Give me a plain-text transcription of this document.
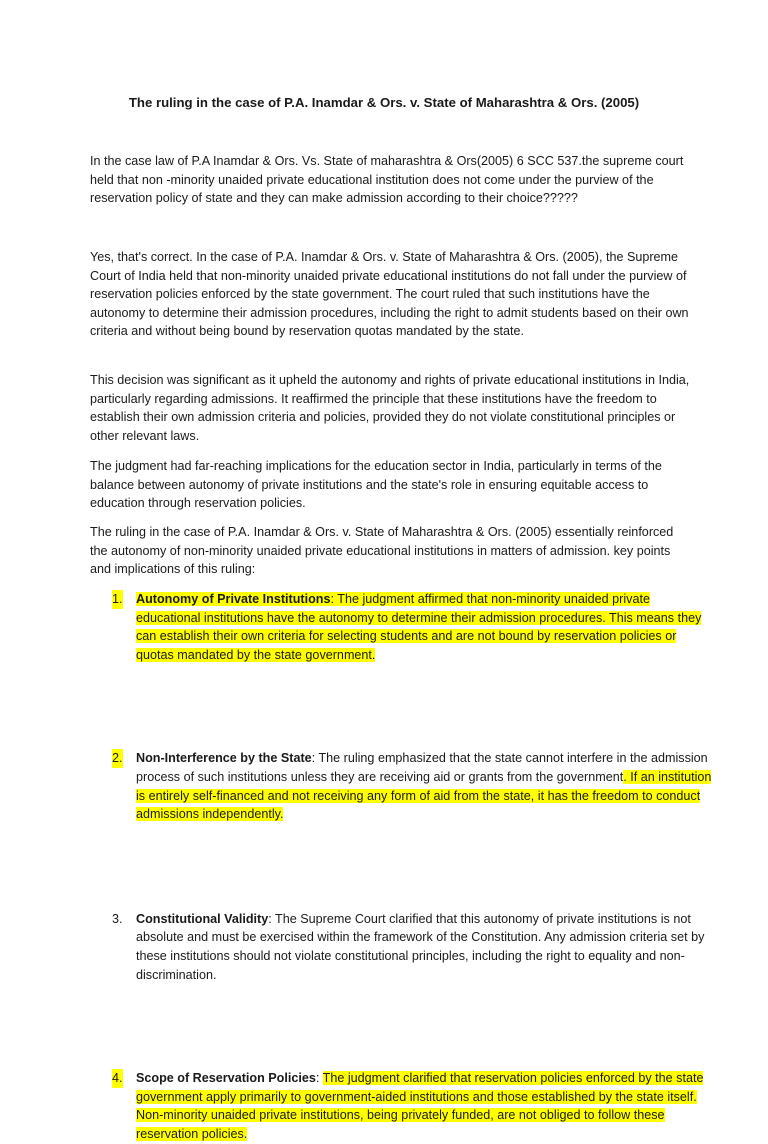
The ruling in the case of P.A. Inamdar & Ors. v. State of Maharashtra & Ors. (2005)

In the case law of P.A Inamdar & Ors. Vs. State of maharashtra & Ors(2005) 6 SCC 537.the supreme court held that non -minority unaided private educational institution does not come under the purview of the reservation policy of state and they can make admission according to their choice?????

Yes, that's correct. In the case of P.A. Inamdar & Ors. v. State of Maharashtra & Ors. (2005), the Supreme Court of India held that non-minority unaided private educational institutions do not fall under the purview of reservation policies enforced by the state government. The court ruled that such institutions have the autonomy to determine their admission procedures, including the right to admit students based on their own criteria and without being bound by reservation quotas mandated by the state.

This decision was significant as it upheld the autonomy and rights of private educational institutions in India, particularly regarding admissions. It reaffirmed the principle that these institutions have the freedom to establish their own admission criteria and policies, provided they do not violate constitutional principles or other relevant laws.

The judgment had far-reaching implications for the education sector in India, particularly in terms of the balance between autonomy of private institutions and the state's role in ensuring equitable access to education through reservation policies.

The ruling in the case of P.A. Inamdar & Ors. v. State of Maharashtra & Ors. (2005) essentially reinforced the autonomy of non-minority unaided private educational institutions in matters of admission. key points and implications of this ruling:

1. Autonomy of Private Institutions: The judgment affirmed that non-minority unaided private educational institutions have the autonomy to determine their admission procedures. This means they can establish their own criteria for selecting students and are not bound by reservation policies or quotas mandated by the state government.
2. Non-Interference by the State: The ruling emphasized that the state cannot interfere in the admission process of such institutions unless they are receiving aid or grants from the government. If an institution is entirely self-financed and not receiving any form of aid from the state, it has the freedom to conduct admissions independently.
3. Constitutional Validity: The Supreme Court clarified that this autonomy of private institutions is not absolute and must be exercised within the framework of the Constitution. Any admission criteria set by these institutions should not violate constitutional principles, including the right to equality and non-discrimination.
4. Scope of Reservation Policies: The judgment clarified that reservation policies enforced by the state government apply primarily to government-aided institutions and those established by the state itself. Non-minority unaided private institutions, being privately funded, are not obliged to follow these reservation policies.
